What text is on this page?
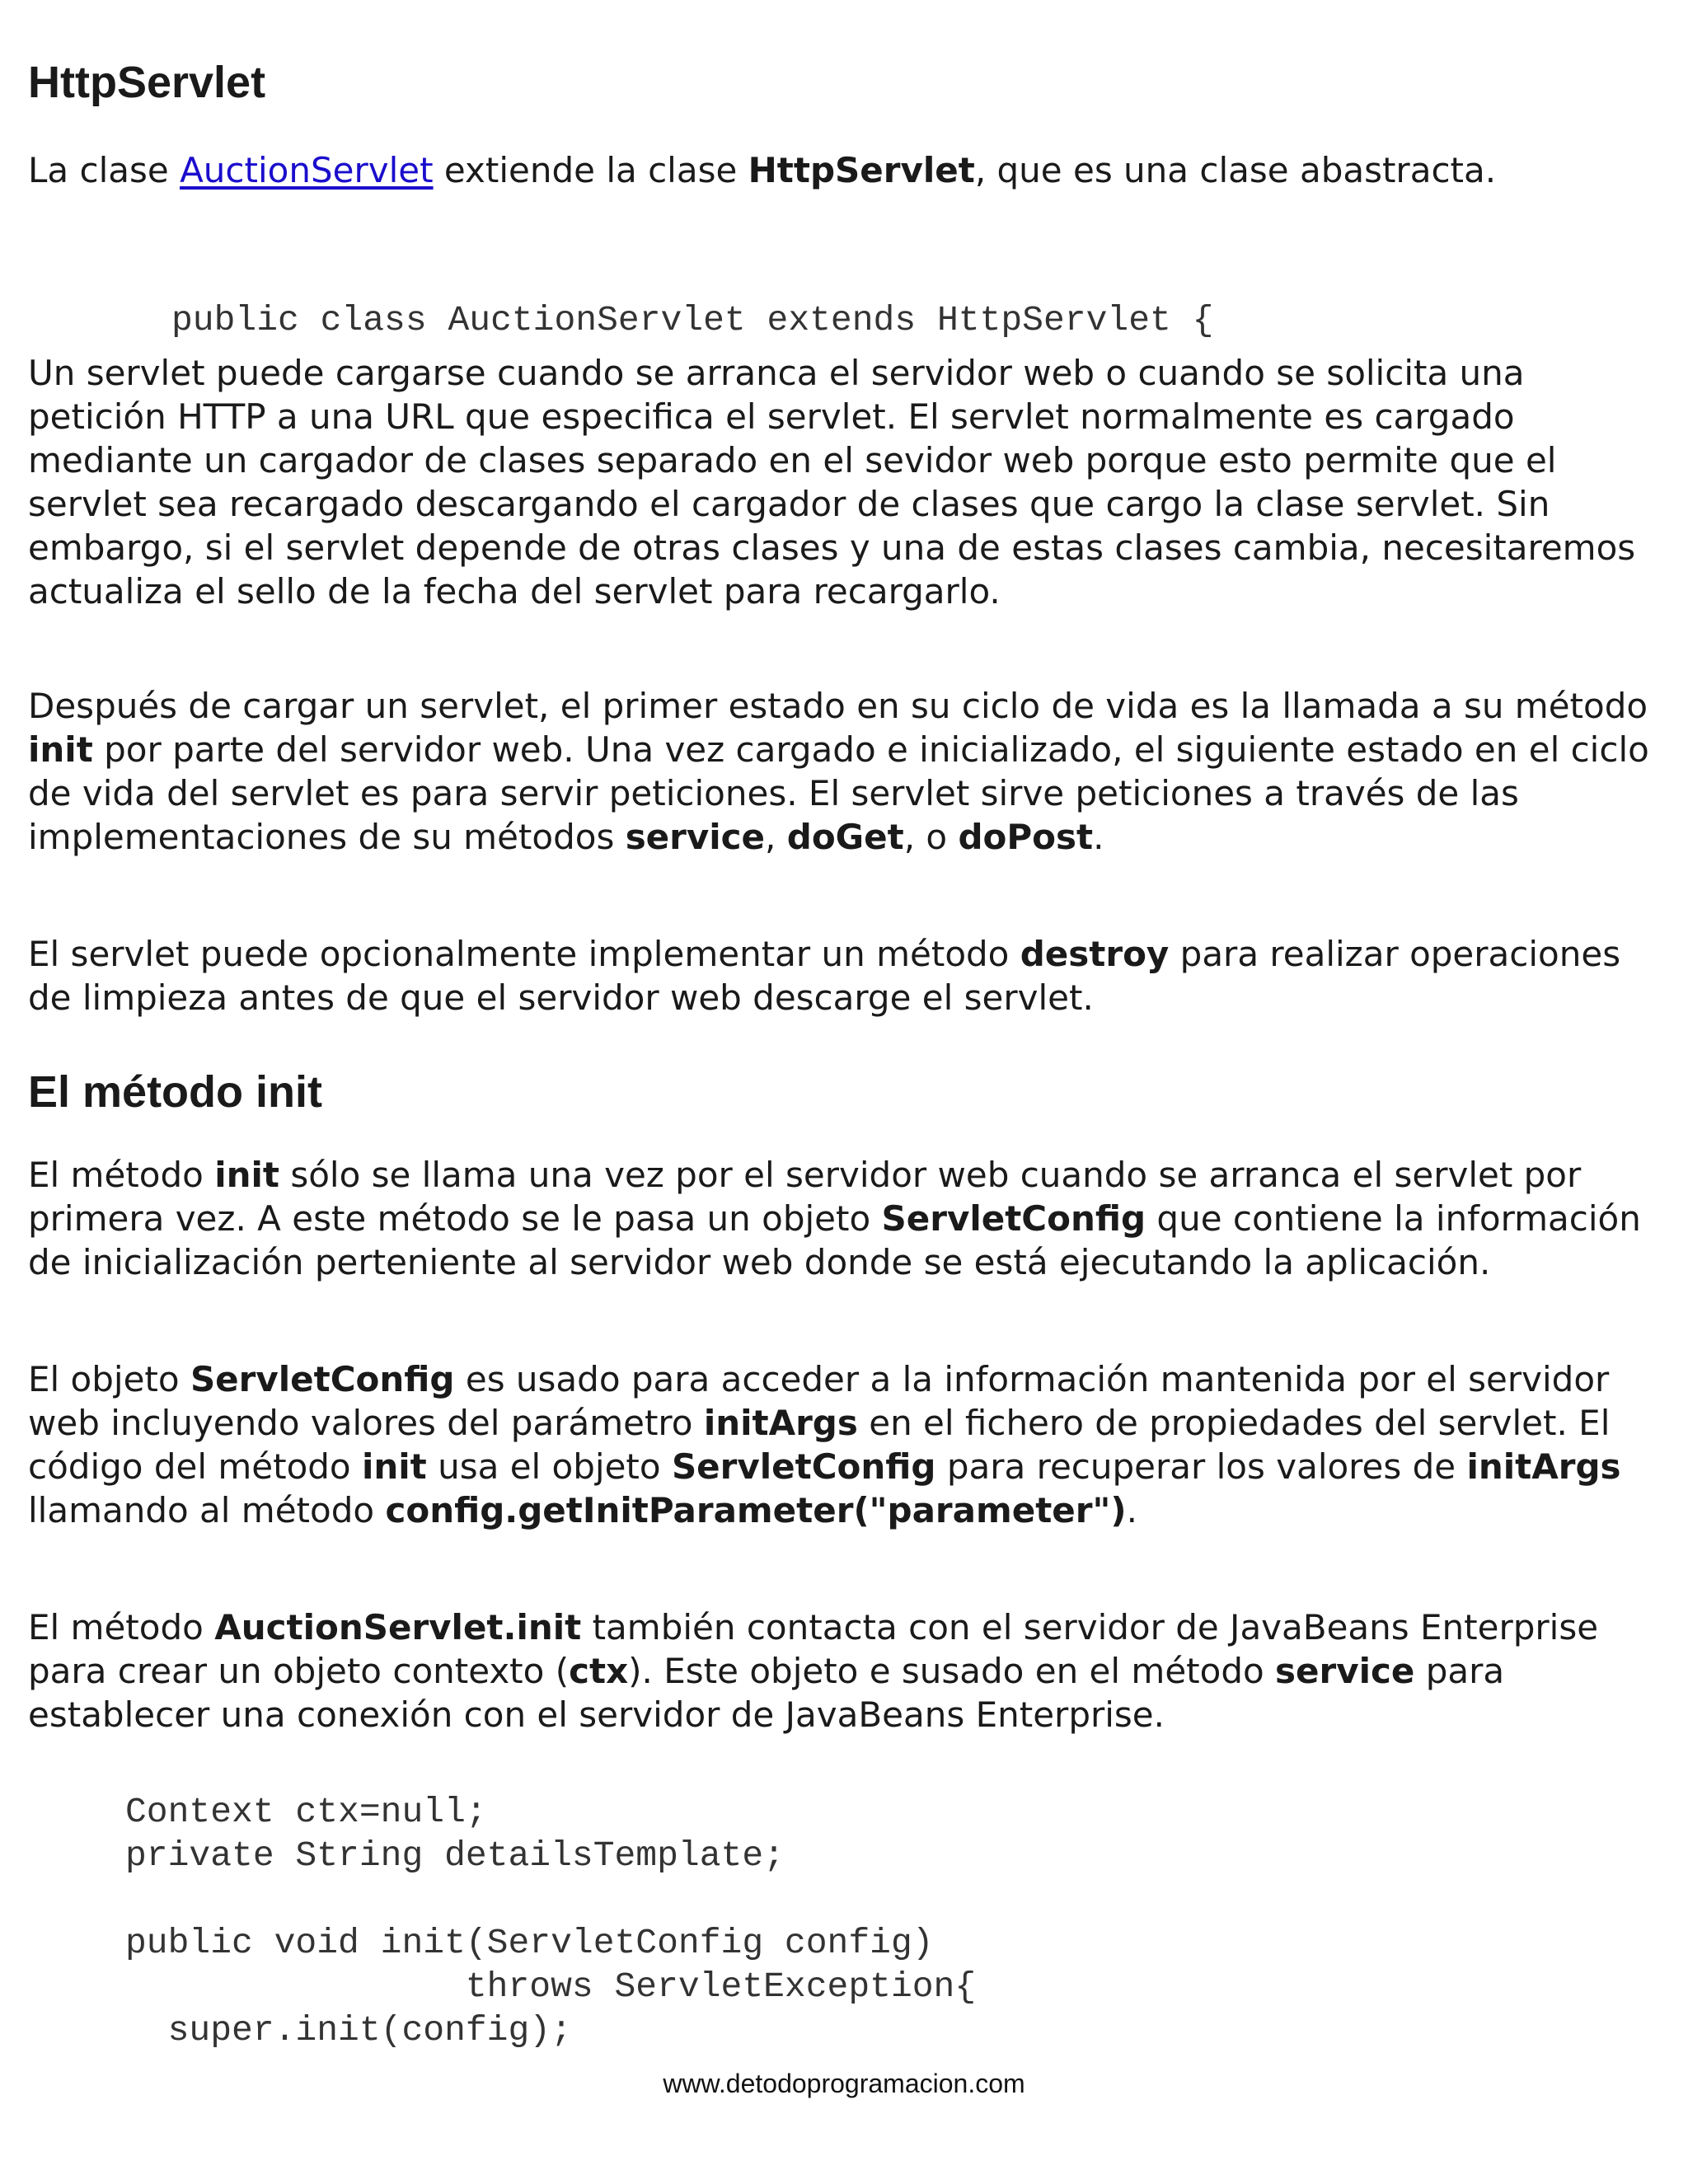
HttpServlet

La clase AuctionServlet extiende la clase HttpServlet, que es una clase abastracta.

public class AuctionServlet extends HttpServlet {

Un servlet puede cargarse cuando se arranca el servidor web o cuando se solicita una petición HTTP a una URL que especifica el servlet. El servlet normalmente es cargado mediante un cargador de clases separado en el sevidor web porque esto permite que el servlet sea recargado descargando el cargador de clases que cargo la clase servlet. Sin embargo, si el servlet depende de otras clases y una de estas clases cambia, necesitaremos actualiza el sello de la fecha del servlet para recargarlo.

Después de cargar un servlet, el primer estado en su ciclo de vida es la llamada a su método init por parte del servidor web. Una vez cargado e inicializado, el siguiente estado en el ciclo de vida del servlet es para servir peticiones. El servlet sirve peticiones a través de las implementaciones de su métodos service, doGet, o doPost.

El servlet puede opcionalmente implementar un método destroy para realizar operaciones de limpieza antes de que el servidor web descarge el servlet.

El método init

El método init sólo se llama una vez por el servidor web cuando se arranca el servlet por primera vez. A este método se le pasa un objeto ServletConfig que contiene la información de inicialización perteniente al servidor web donde se está ejecutando la aplicación.

El objeto ServletConfig es usado para acceder a la información mantenida por el servidor web incluyendo valores del parámetro initArgs en el fichero de propiedades del servlet. El código del método init usa el objeto ServletConfig para recuperar los valores de initArgs llamando al método config.getInitParameter("parameter").

El método AuctionServlet.init también contacta con el servidor de JavaBeans Enterprise para crear un objeto contexto (ctx). Este objeto e susado en el método service para establecer una conexión con el servidor de JavaBeans Enterprise.

Context ctx=null;
private String detailsTemplate;

public void init(ServletConfig config)
throws ServletException{
super.init(config);
www.detodoprogramacion.com
